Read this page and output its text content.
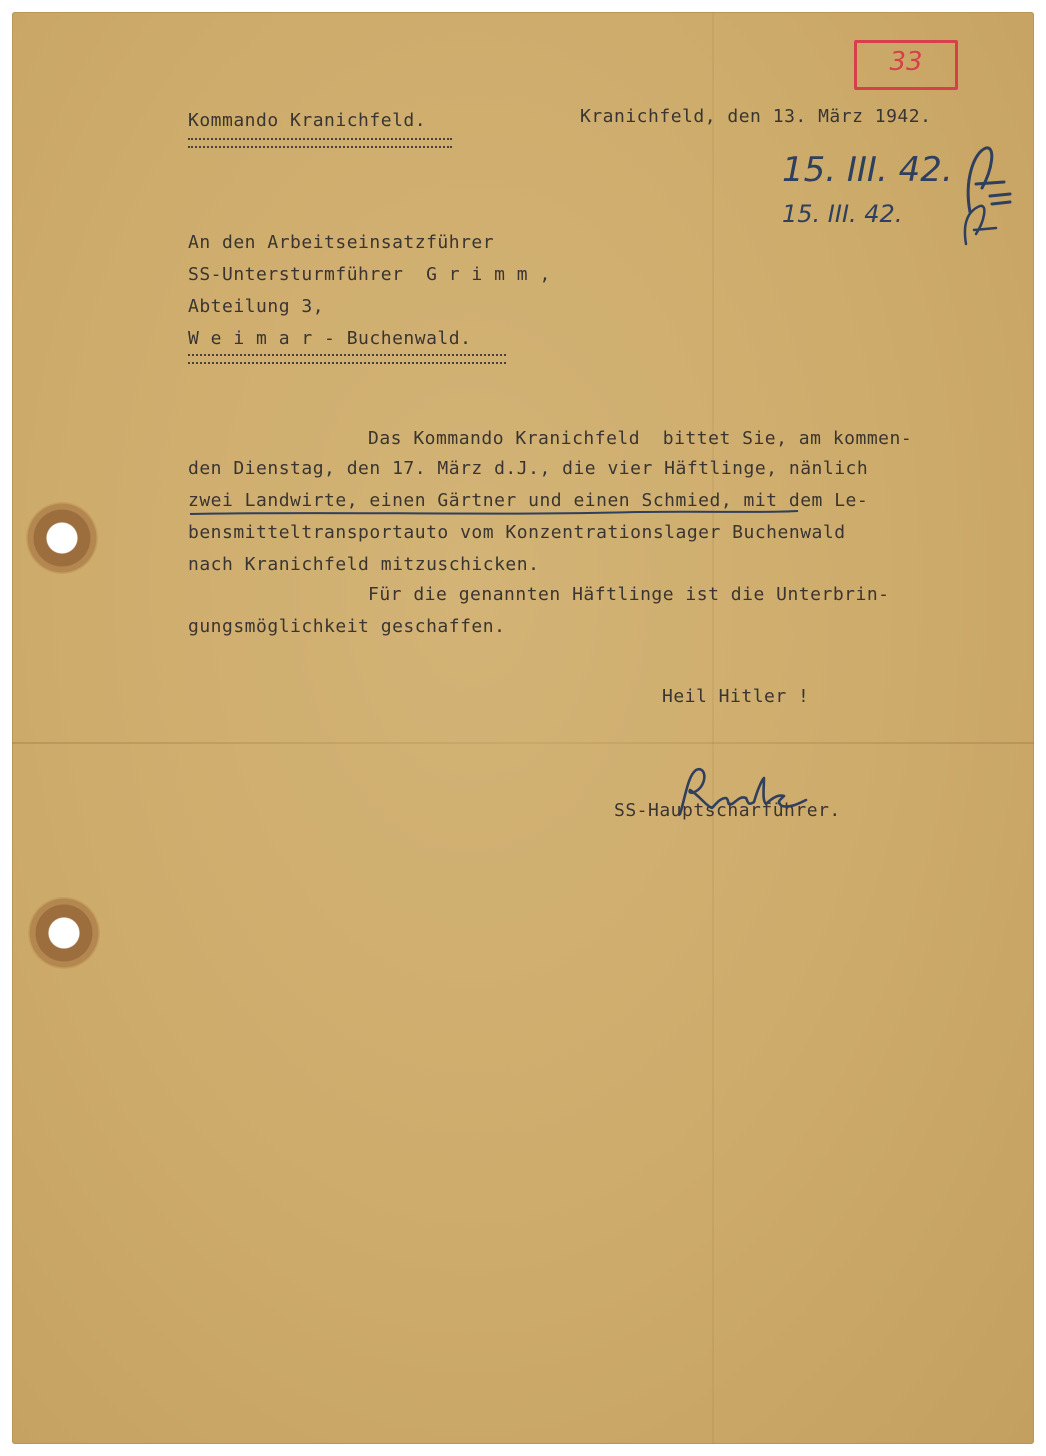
33

Kommando Kranichfeld.	Kranichfeld, den 13. März 1942.

15. III. 42.
15. III. 42.

An den Arbeitseinsatzführer

SS-Untersturmführer  G r i m m ,

Abteilung 3,

W e i m a r - Buchenwald.

Das Kommando Kranichfeld  bittet Sie, am kommen-

den Dienstag, den 17. März d.J., die vier Häftlinge, nänlich

zwei Landwirte, einen Gärtner und einen Schmied, mit dem Le-

bensmitteltransportauto vom Konzentrationslager Buchenwald

nach Kranichfeld mitzuschicken.

Für die genannten Häftlinge ist die Unterbrin-

gungsmöglichkeit geschaffen.

Heil Hitler !

SS-Hauptscharführer.
